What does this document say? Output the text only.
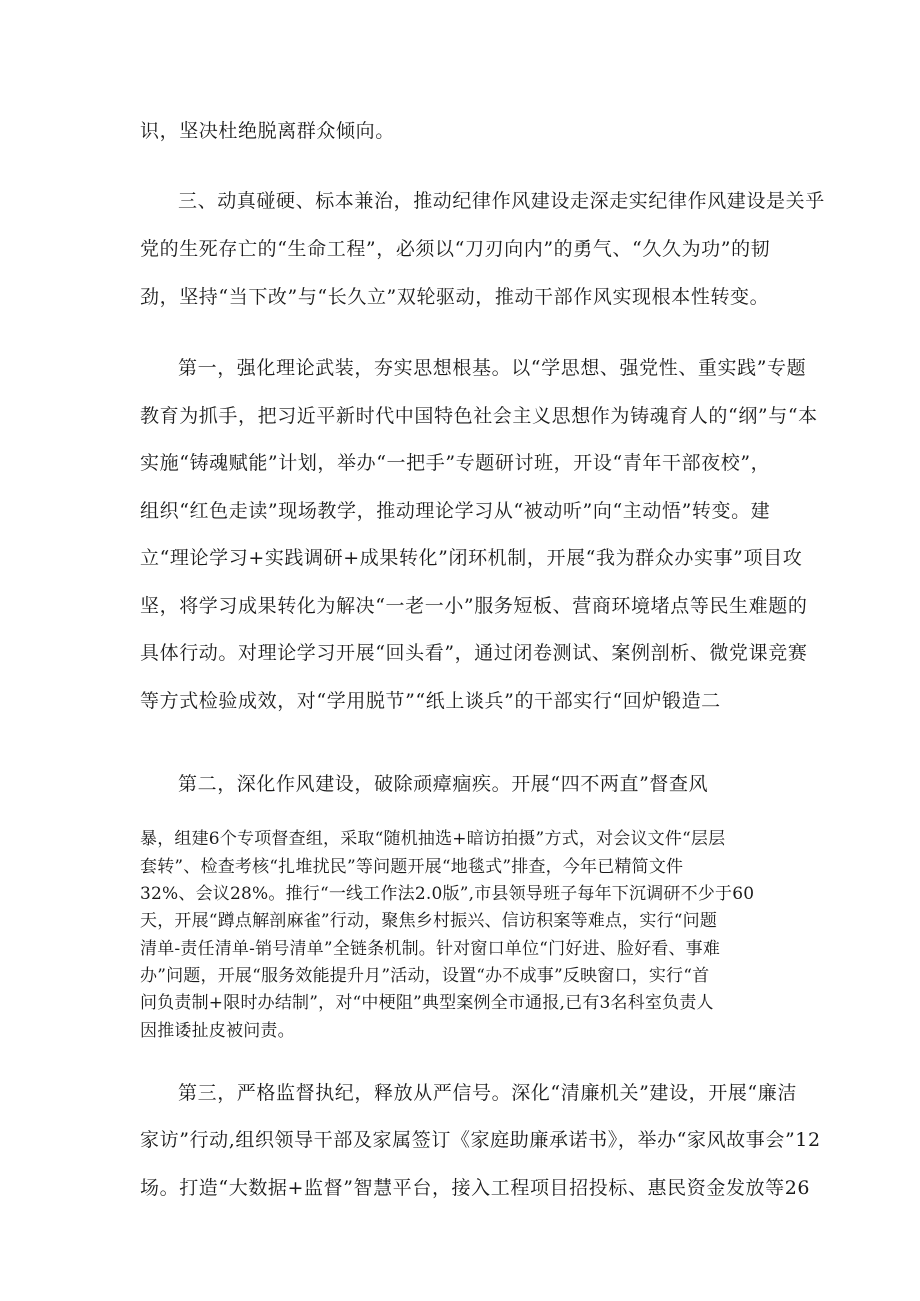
识，坚决杜绝脱离群众倾向。
三、动真碰硬、标本兼治，推动纪律作风建设走深走实纪律作风建设是关乎
党的生死存亡的“生命工程”，必须以“刀刃向内”的勇气、“久久为功”的韧
劲，坚持“当下改”与“长久立”双轮驱动，推动干部作风实现根本性转变。
第一，强化理论武装，夯实思想根基。以“学思想、强党性、重实践”专题
教育为抓手，把习近平新时代中国特色社会主义思想作为铸魂育人的“纲”与“本
实施“铸魂赋能”计划，举办“一把手”专题研讨班，开设“青年干部夜校”，
组织“红色走读”现场教学，推动理论学习从“被动听”向“主动悟”转变。建
立“理论学习+实践调研+成果转化”闭环机制，开展“我为群众办实事”项目攻
坚，将学习成果转化为解决“一老一小”服务短板、营商环境堵点等民生难题的
具体行动。对理论学习开展“回头看”，通过闭卷测试、案例剖析、微党课竞赛
等方式检验成效，对“学用脱节”“纸上谈兵”的干部实行“回炉锻造二
第二，深化作风建设，破除顽瘴痼疾。开展“四不两直”督查风
暴，组建6个专项督查组，采取“随机抽选+暗访拍摄”方式，对会议文件“层层
套转”、检查考核“扎堆扰民”等问题开展“地毯式”排查，今年已精简文件
32%、会议28%。推行“一线工作法2.0版”,市县领导班子每年下沉调研不少于60
天，开展“蹲点解剖麻雀”行动，聚焦乡村振兴、信访积案等难点，实行“问题
清单-责任清单-销号清单”全链条机制。针对窗口单位“门好进、脸好看、事难
办”问题，开展“服务效能提升月”活动，设置“办不成事”反映窗口，实行“首
问负责制+限时办结制”，对“中梗阻”典型案例全市通报,已有3名科室负责人
因推诿扯皮被问责。
第三，严格监督执纪，释放从严信号。深化“清廉机关”建设，开展“廉洁
家访”行动,组织领导干部及家属签订《家庭助廉承诺书》，举办“家风故事会”12
场。打造“大数据+监督”智慧平台，接入工程项目招投标、惠民资金发放等26
